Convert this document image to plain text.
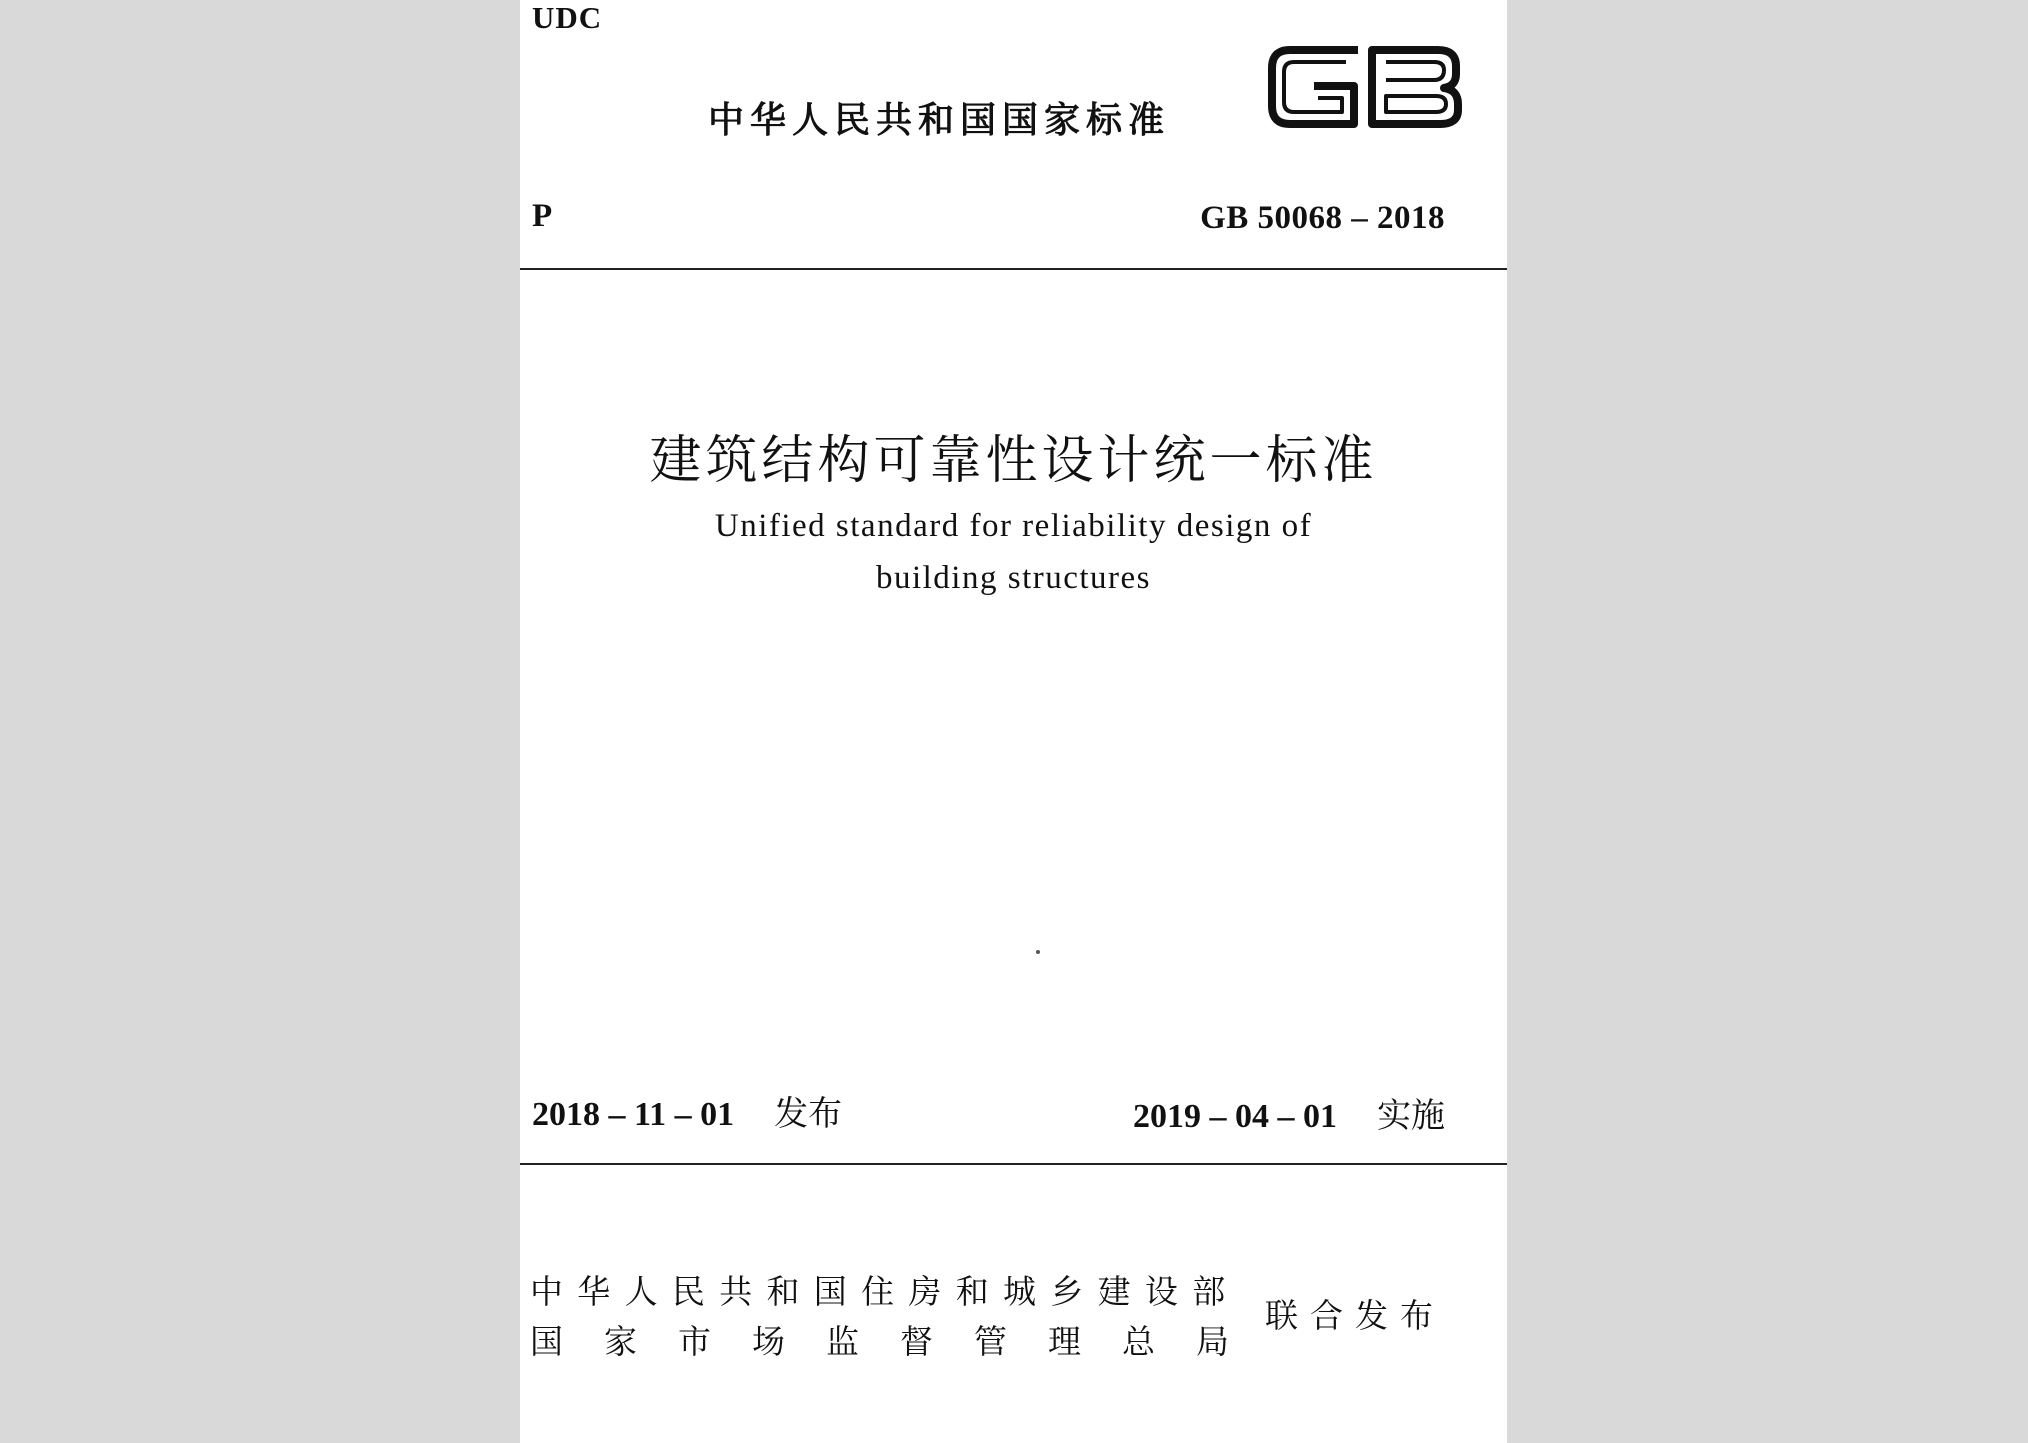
UDC
中华人民共和国国家标准
P	GB 50068 – 2018
建筑结构可靠性设计统一标准
Unified standard for reliability design of
building structures
2018 – 11 – 01 发布	2019 – 04 – 01 实施
中华人民共和国住房和城乡建设部
国家市场监督管理总局
联合发布
